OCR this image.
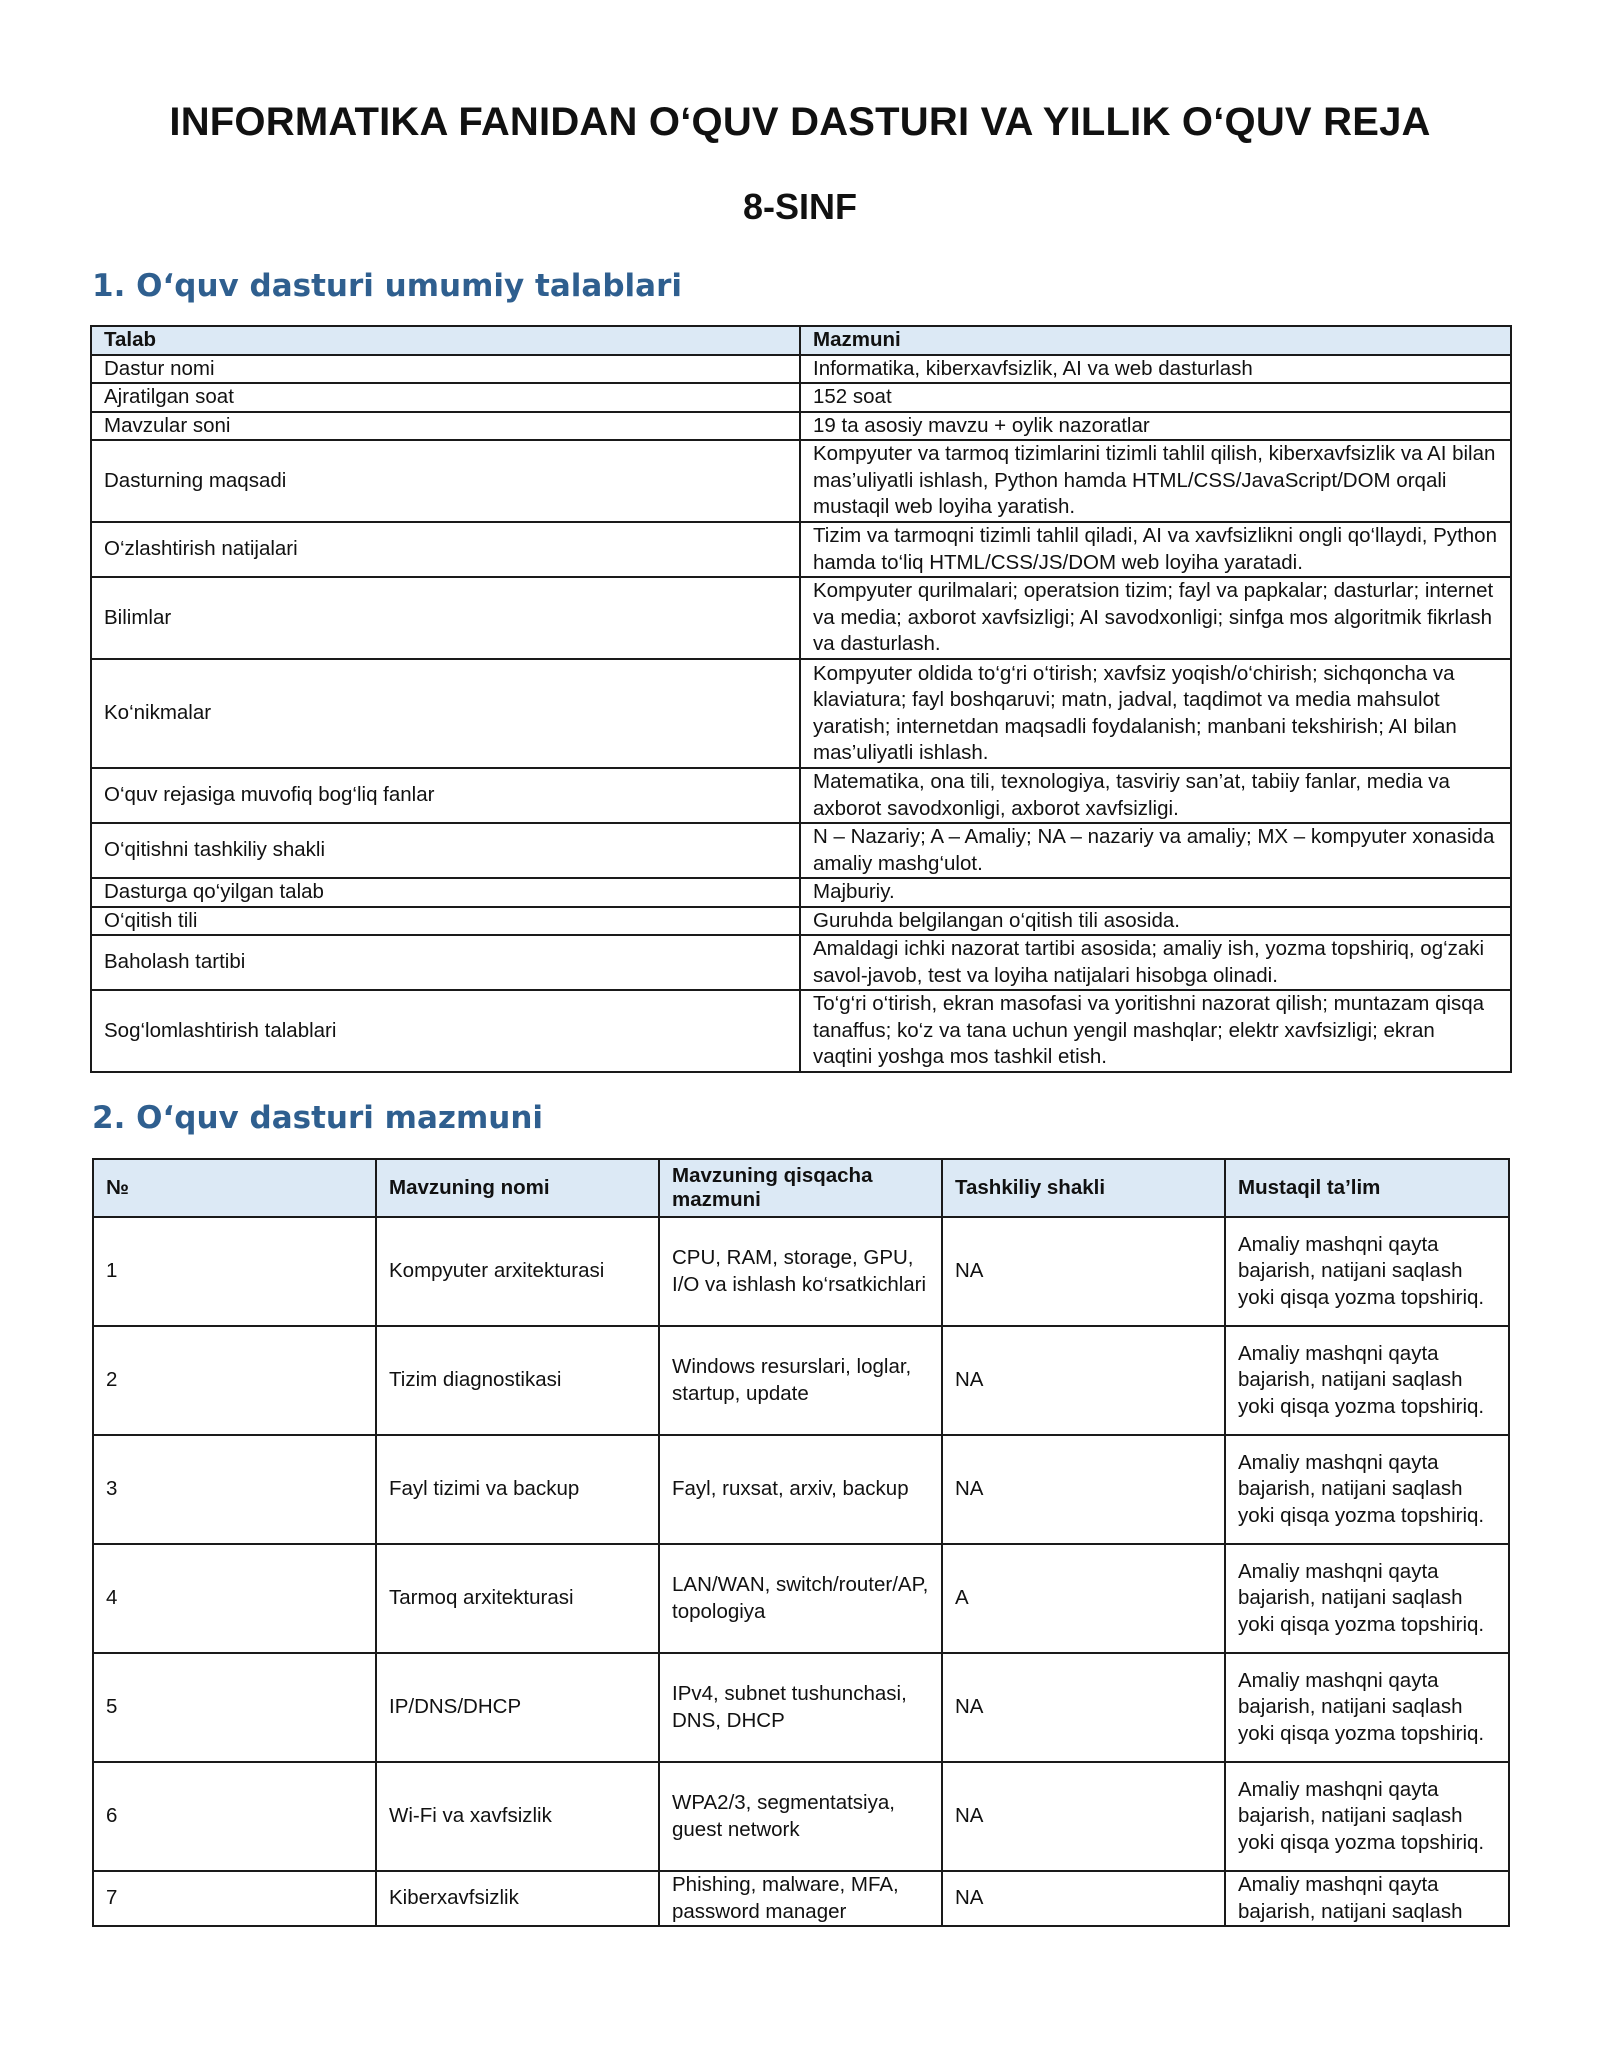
INFORMATIKA FANIDAN O‘QUV DASTURI VA YILLIK O‘QUV REJA
8-SINF
1. O‘quv dasturi umumiy talablari
Talab	Mazmuni
Dastur nomi	Informatika, kiberxavfsizlik, AI va web dasturlash
Ajratilgan soat	152 soat
Mavzular soni	19 ta asosiy mavzu + oylik nazoratlar
Dasturning maqsadi	Kompyuter va tarmoq tizimlarini tizimli tahlil qilish, kiberxavfsizlik va AI bilan mas’uliyatli ishlash, Python hamda HTML/CSS/JavaScript/DOM orqali mustaqil web loyiha yaratish.
O‘zlashtirish natijalari	Tizim va tarmoqni tizimli tahlil qiladi, AI va xavfsizlikni ongli qo‘llaydi, Python hamda to‘liq HTML/CSS/JS/DOM web loyiha yaratadi.
Bilimlar	Kompyuter qurilmalari; operatsion tizim; fayl va papkalar; dasturlar; internet va media; axborot xavfsizligi; AI savodxonligi; sinfga mos algoritmik fikrlash va dasturlash.
Ko‘nikmalar	Kompyuter oldida to‘g‘ri o‘tirish; xavfsiz yoqish/o‘chirish; sichqoncha va klaviatura; fayl boshqaruvi; matn, jadval, taqdimot va media mahsulot yaratish; internetdan maqsadli foydalanish; manbani tekshirish; AI bilan mas’uliyatli ishlash.
O‘quv rejasiga muvofiq bog‘liq fanlar	Matematika, ona tili, texnologiya, tasviriy san’at, tabiiy fanlar, media va axborot savodxonligi, axborot xavfsizligi.
O‘qitishni tashkiliy shakli	N – Nazariy; A – Amaliy; NA – nazariy va amaliy; MX – kompyuter xonasida amaliy mashg‘ulot.
Dasturga qo‘yilgan talab	Majburiy.
O‘qitish tili	Guruhda belgilangan o‘qitish tili asosida.
Baholash tartibi	Amaldagi ichki nazorat tartibi asosida; amaliy ish, yozma topshiriq, og‘zaki savol-javob, test va loyiha natijalari hisobga olinadi.
Sog‘lomlashtirish talablari	To‘g‘ri o‘tirish, ekran masofasi va yoritishni nazorat qilish; muntazam qisqa tanaffus; ko‘z va tana uchun yengil mashqlar; elektr xavfsizligi; ekran vaqtini yoshga mos tashkil etish.
2. O‘quv dasturi mazmuni
№	Mavzuning nomi	Mavzuning qisqacha mazmuni	Tashkiliy shakli	Mustaqil ta’lim
1	Kompyuter arxitekturasi	CPU, RAM, storage, GPU, I/O va ishlash ko‘rsatkichlari	NA	Amaliy mashqni qayta bajarish, natijani saqlash yoki qisqa yozma topshiriq.
2	Tizim diagnostikasi	Windows resurslari, loglar, startup, update	NA	Amaliy mashqni qayta bajarish, natijani saqlash yoki qisqa yozma topshiriq.
3	Fayl tizimi va backup	Fayl, ruxsat, arxiv, backup	NA	Amaliy mashqni qayta bajarish, natijani saqlash yoki qisqa yozma topshiriq.
4	Tarmoq arxitekturasi	LAN/WAN, switch/router/AP, topologiya	A	Amaliy mashqni qayta bajarish, natijani saqlash yoki qisqa yozma topshiriq.
5	IP/DNS/DHCP	IPv4, subnet tushunchasi, DNS, DHCP	NA	Amaliy mashqni qayta bajarish, natijani saqlash yoki qisqa yozma topshiriq.
6	Wi-Fi va xavfsizlik	WPA2/3, segmentatsiya, guest network	NA	Amaliy mashqni qayta bajarish, natijani saqlash yoki qisqa yozma topshiriq.
7	Kiberxavfsizlik	Phishing, malware, MFA, password manager	NA	Amaliy mashqni qayta bajarish, natijani saqlash
